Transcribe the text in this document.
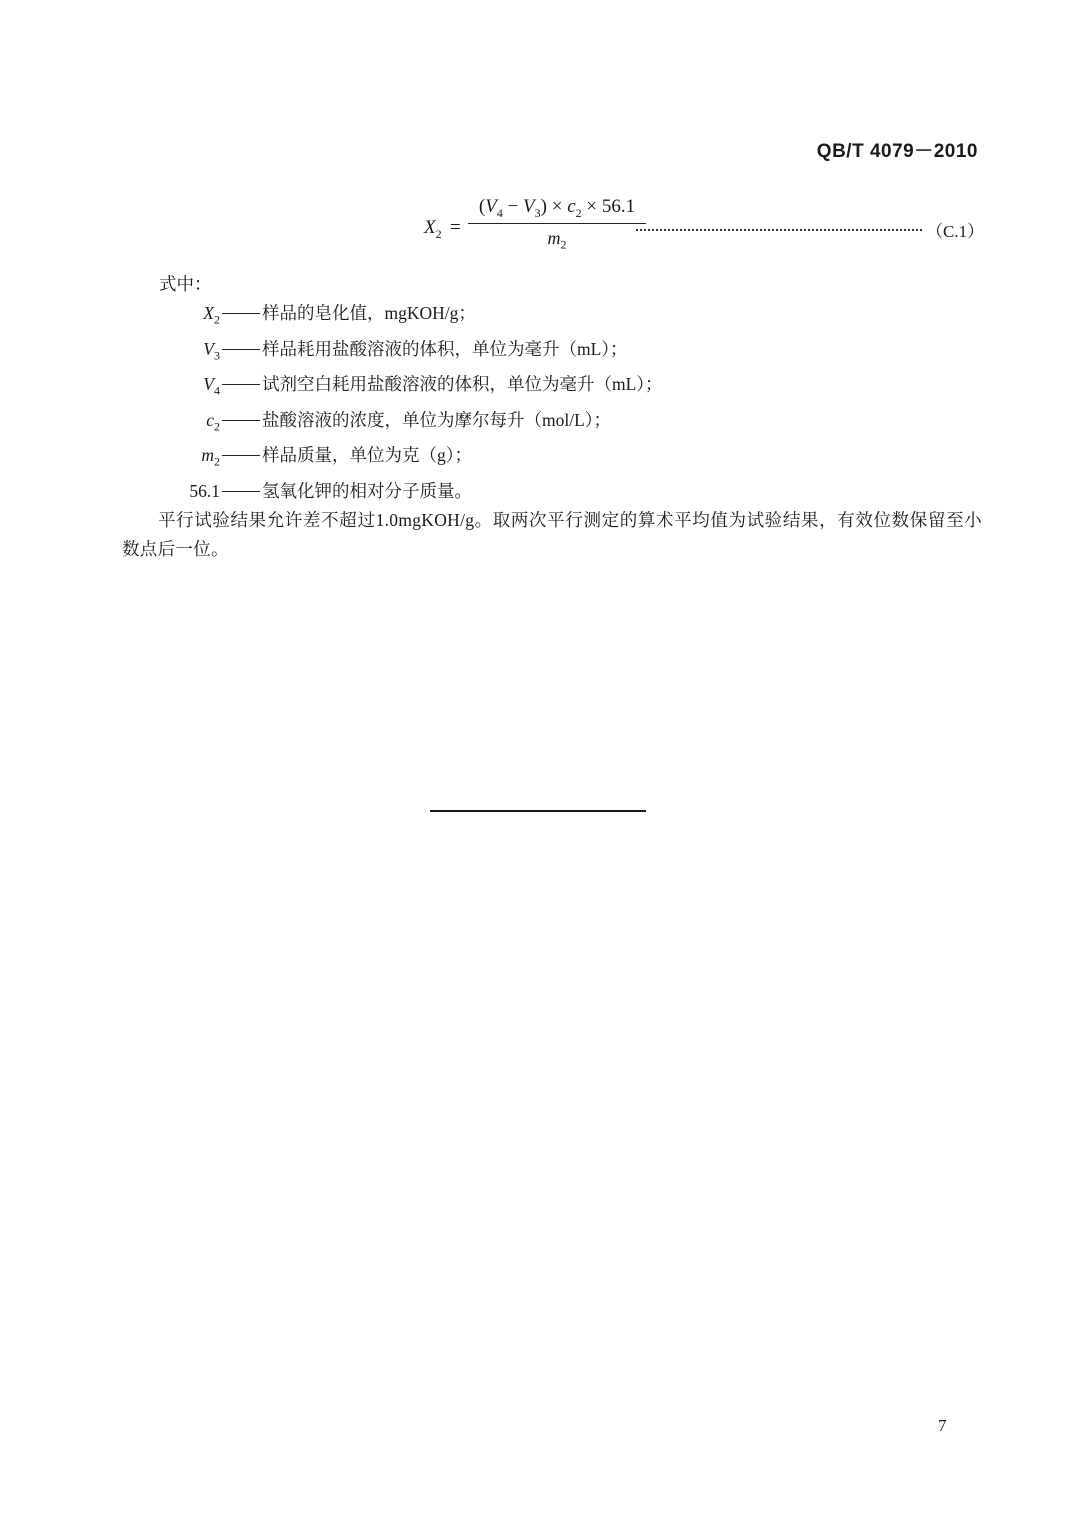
QB/T 4079－2010
$X_2$ =
$(V_4 - V_3) \times c_2 \times 56.1$
$m_2$
（C.1）
式中：
$X_2$ 样品的皂化值，mgKOH/g；
$V_3$ 样品耗用盐酸溶液的体积，单位为毫升（mL）；
$V_4$ 试剂空白耗用盐酸溶液的体积，单位为毫升（mL）；
$c_2$ 盐酸溶液的浓度，单位为摩尔每升（mol/L）；
$m_2$ 样品质量，单位为克（g）；
56.1 氢氧化钾的相对分子质量。
平行试验结果允许差不超过1.0mgKOH/g。取两次平行测定的算术平均值为试验结果，有效位数保留至小数点后一位。
7
